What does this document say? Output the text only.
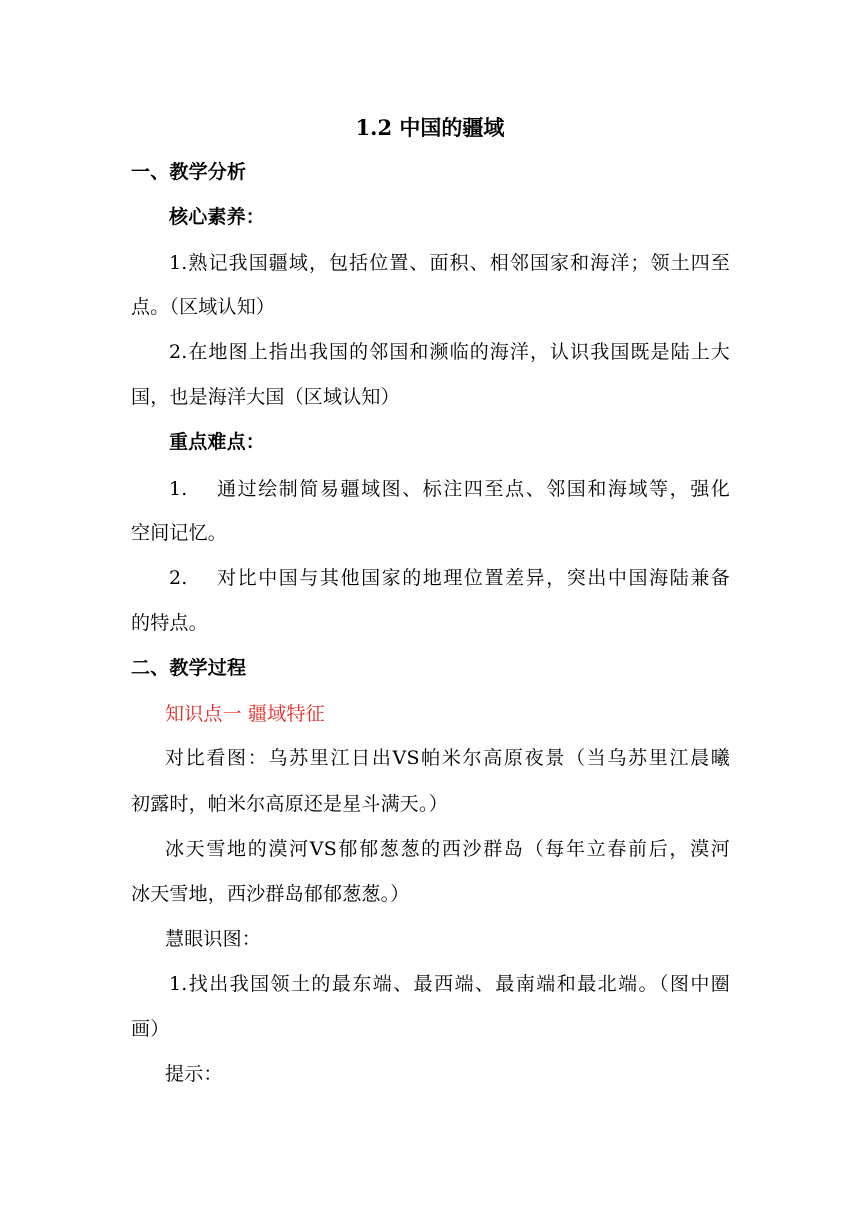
1.2 中国的疆域
一、教学分析
核心素养：
1.熟记我国疆域，包括位置、面积、相邻国家和海洋；领土四至
点。（区域认知）
2.在地图上指出我国的邻国和濒临的海洋，认识我国既是陆上大
国，也是海洋大国（区域认知）
重点难点：
1.　 通过绘制简易疆域图、标注四至点、邻国和海域等，强化
空间记忆。
2.　 对比中国与其他国家的地理位置差异，突出中国海陆兼备
的特点。
二、教学过程
知识点一 疆域特征
对比看图：乌苏里江日出VS帕米尔高原夜景（当乌苏里江晨曦
初露时，帕米尔高原还是星斗满天。）
冰天雪地的漠河VS郁郁葱葱的西沙群岛（每年立春前后，漠河
冰天雪地，西沙群岛郁郁葱葱。）
慧眼识图：
1.找出我国领土的最东端、最西端、最南端和最北端。（图中圈
画）
提示：
